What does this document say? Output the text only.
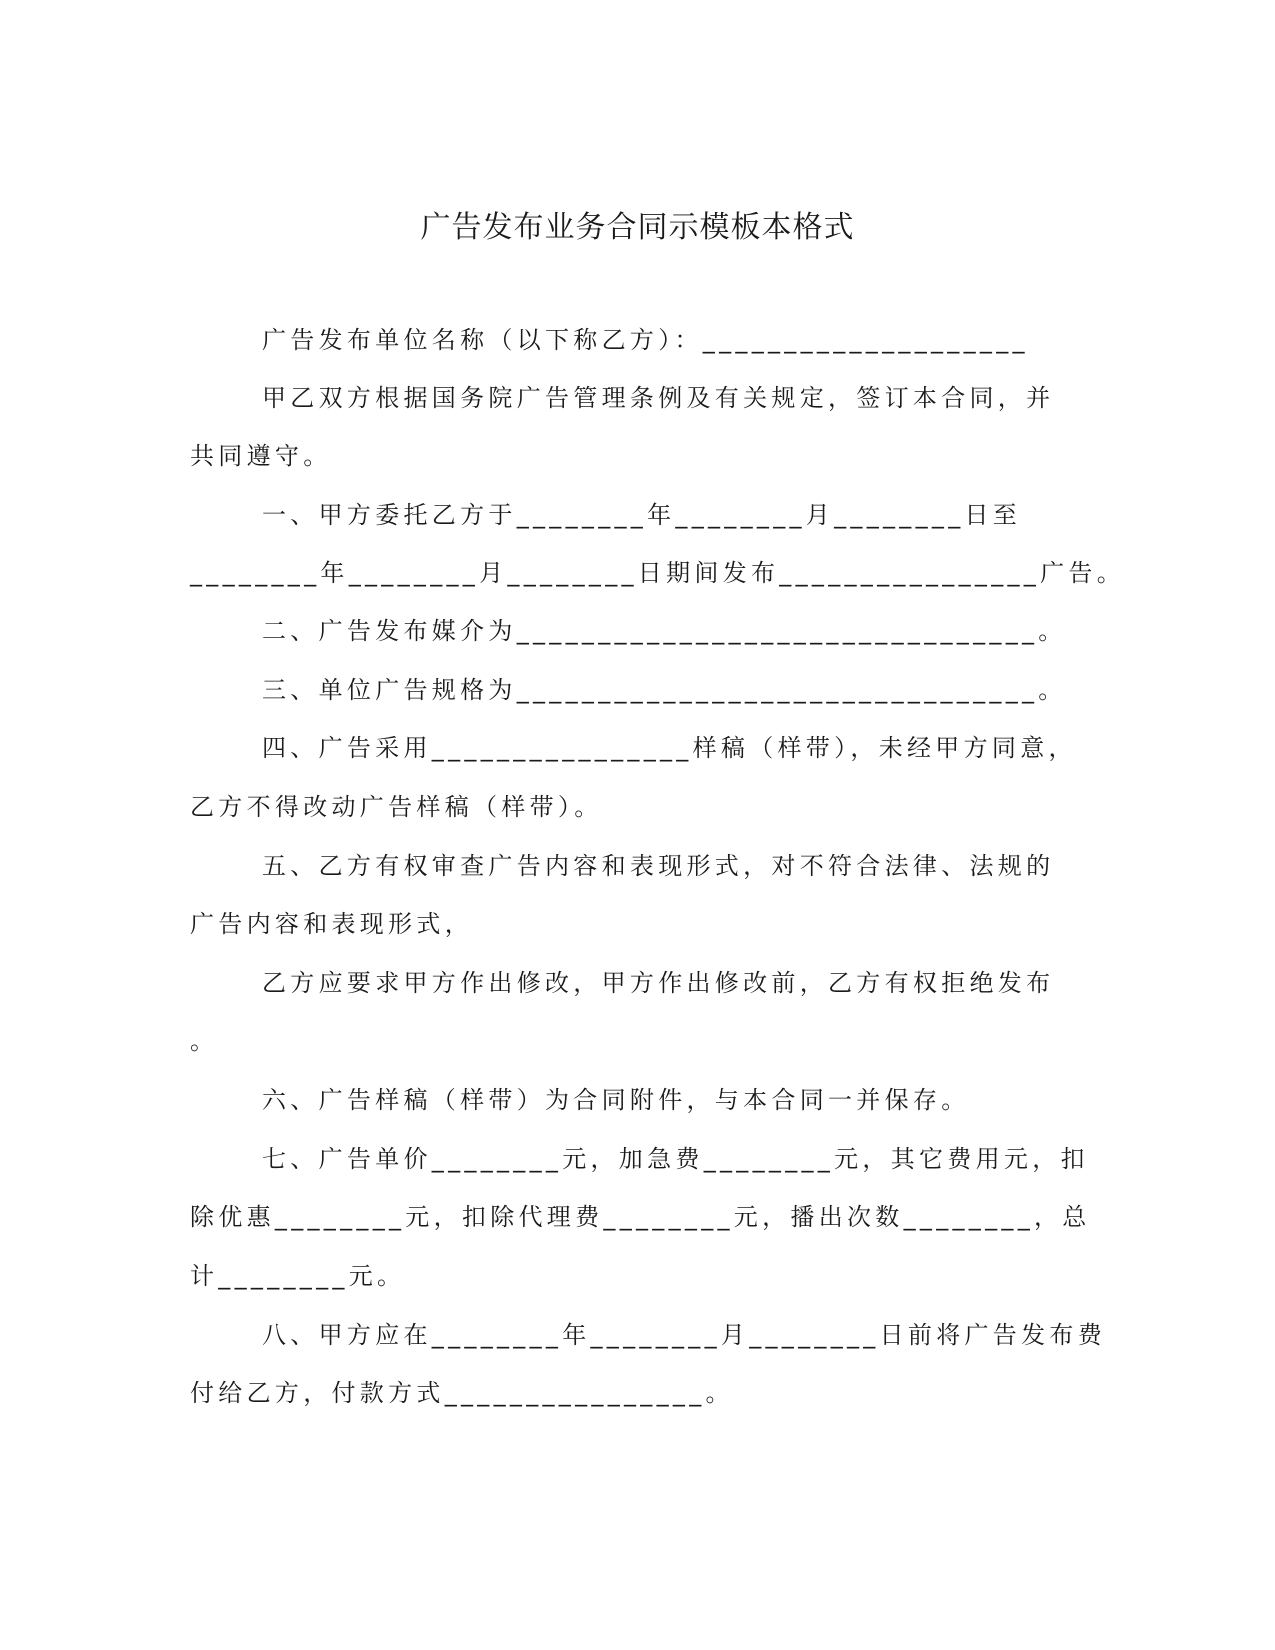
广告发布业务合同示模板本格式
广告发布单位名称（以下称乙方）：____________________
甲乙双方根据国务院广告管理条例及有关规定，签订本合同，并
共同遵守。
一、甲方委托乙方于________年________月________日至
________年________月________日期间发布________________广告。
二、广告发布媒介为________________________________。
三、单位广告规格为________________________________。
四、广告采用________________样稿（样带），未经甲方同意，
乙方不得改动广告样稿（样带）。
五、乙方有权审查广告内容和表现形式，对不符合法律、法规的
广告内容和表现形式，
乙方应要求甲方作出修改，甲方作出修改前，乙方有权拒绝发布
。
六、广告样稿（样带）为合同附件，与本合同一并保存。
七、广告单价________元，加急费________元，其它费用元，扣
除优惠________元，扣除代理费________元，播出次数________，总
计________元。
八、甲方应在________年________月________日前将广告发布费
付给乙方，付款方式________________。
